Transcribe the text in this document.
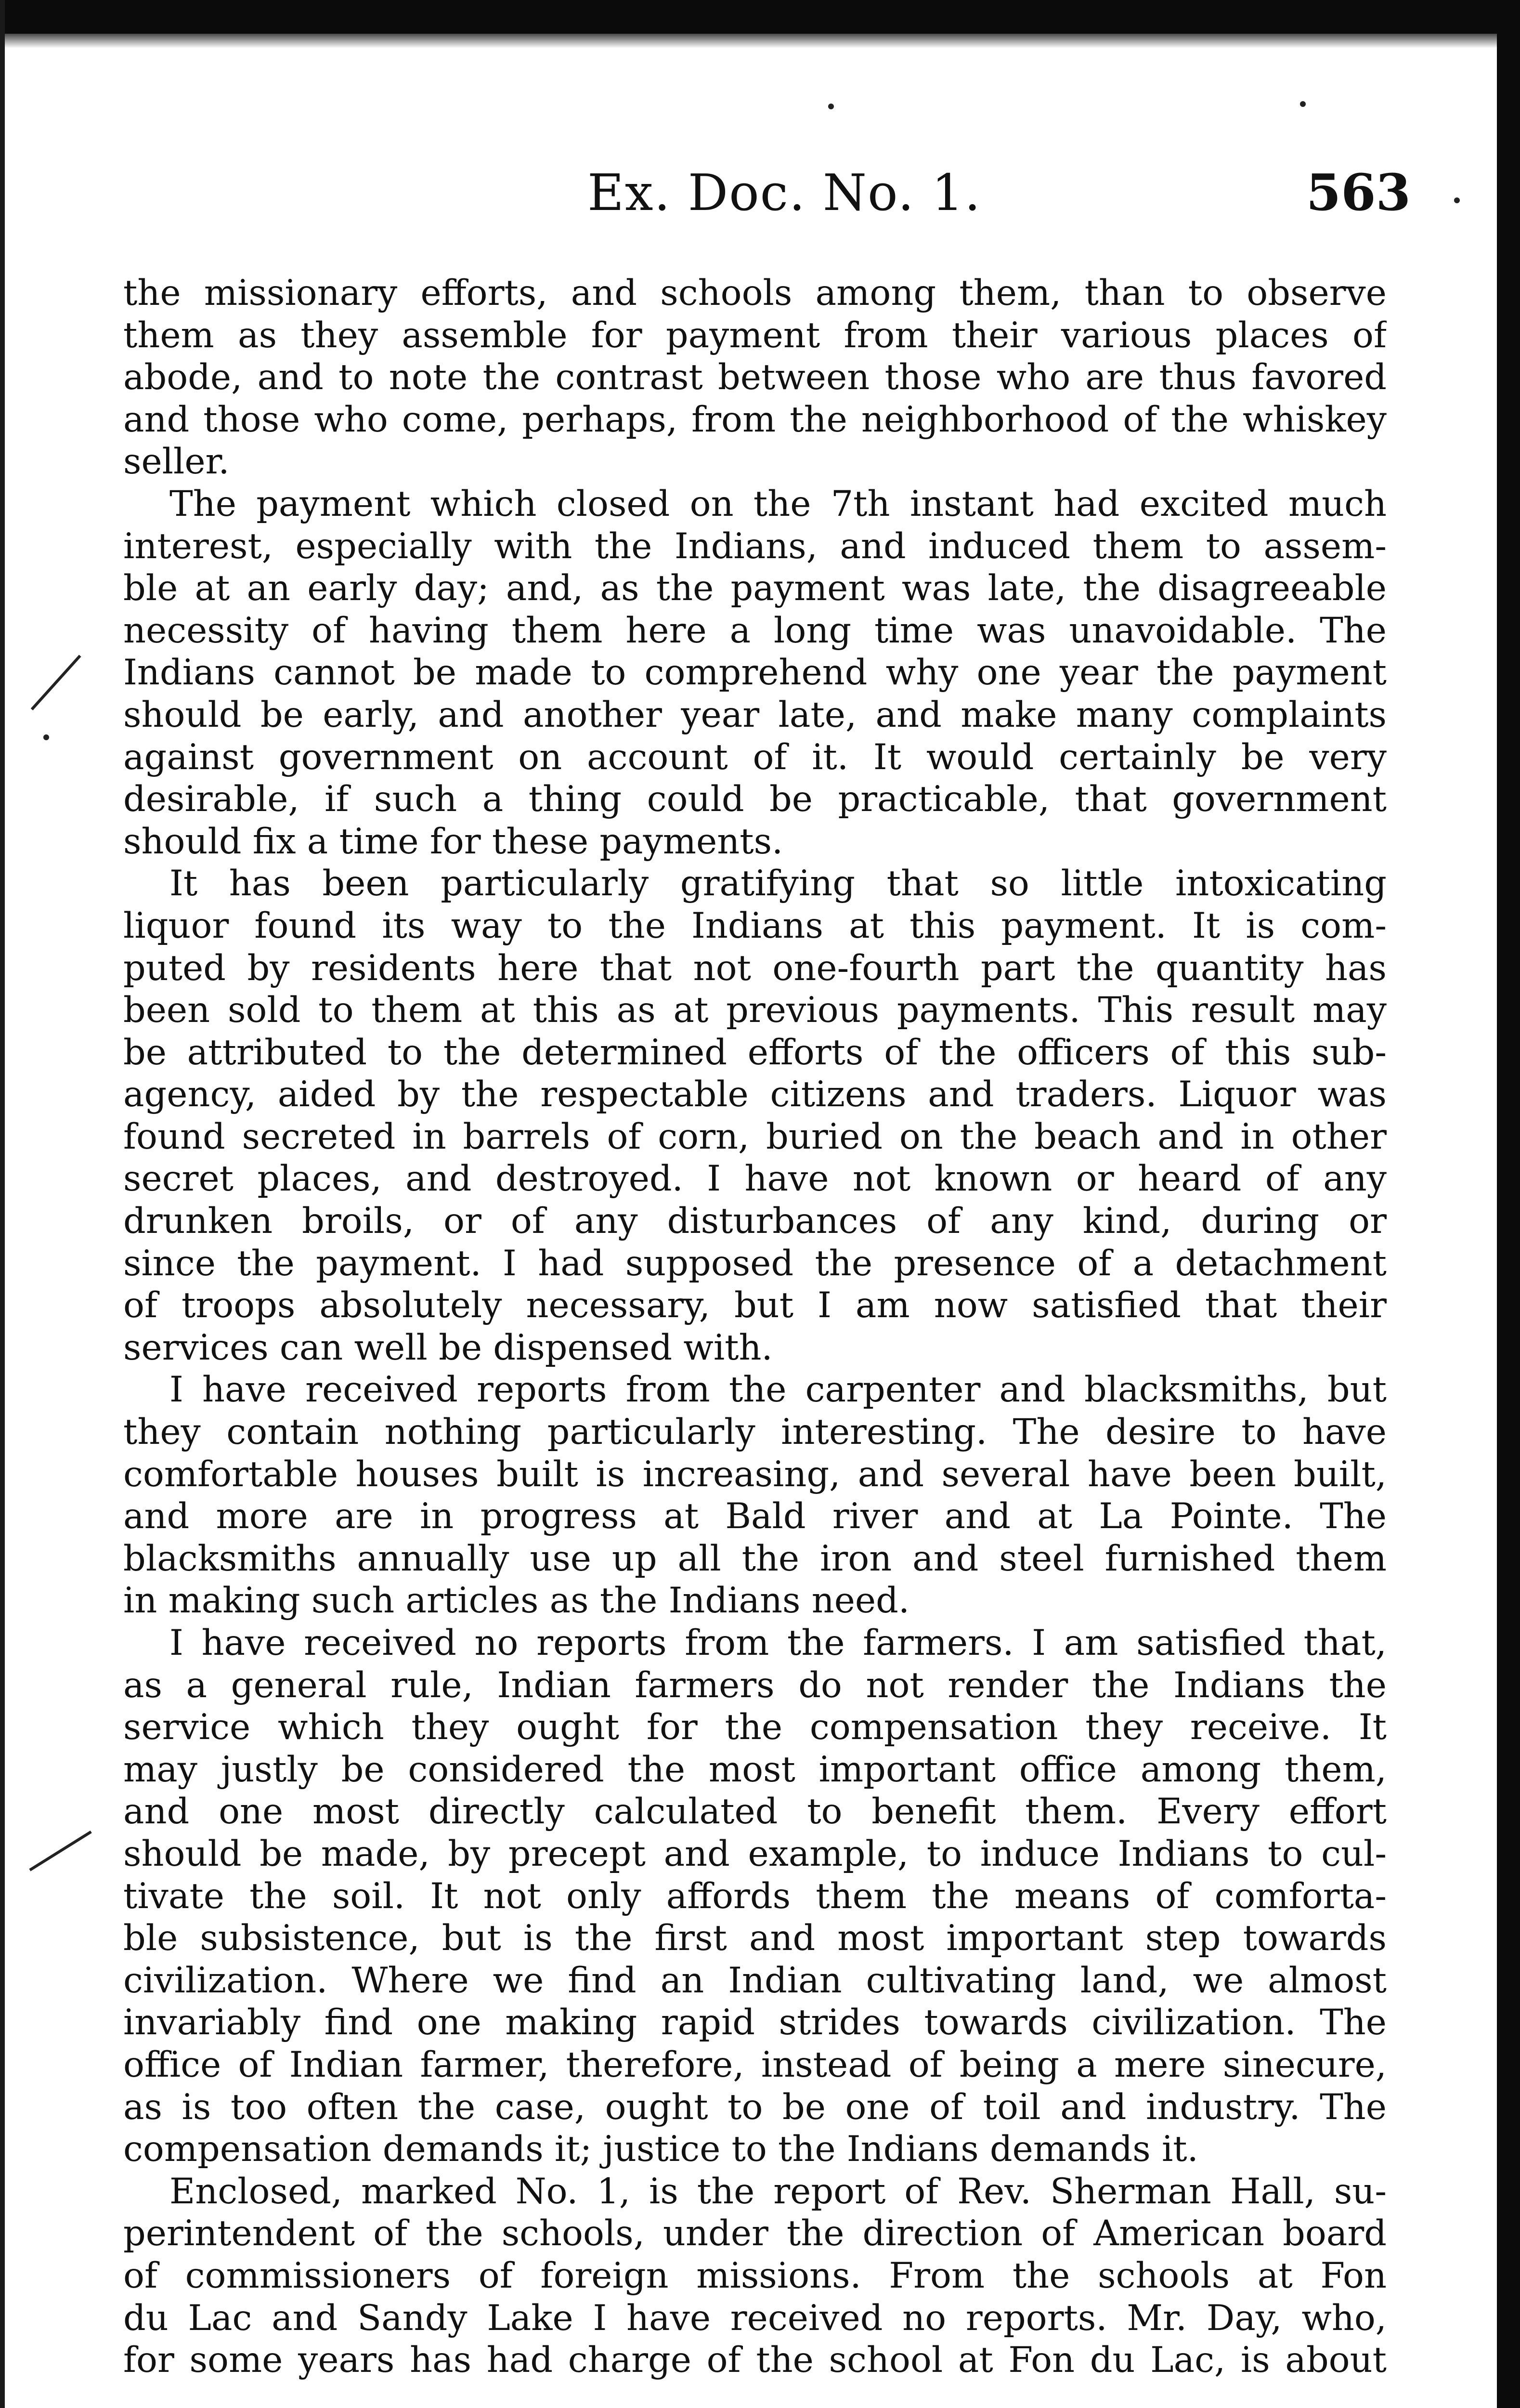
Ex. Doc. No. 1.	563
the missionary efforts, and schools among them, than to observe
them as they assemble for payment from their various places of
abode, and to note the contrast between those who are thus favored
and those who come, perhaps, from the neighborhood of the whiskey
seller.
The payment which closed on the 7th instant had excited much
interest, especially with the Indians, and induced them to assem-
ble at an early day; and, as the payment was late, the disagreeable
necessity of having them here a long time was unavoidable. The
Indians cannot be made to comprehend why one year the payment
should be early, and another year late, and make many complaints
against government on account of it. It would certainly be very
desirable, if such a thing could be practicable, that government
should fix a time for these payments.
It has been particularly gratifying that so little intoxicating
liquor found its way to the Indians at this payment. It is com-
puted by residents here that not one-fourth part the quantity has
been sold to them at this as at previous payments. This result may
be attributed to the determined efforts of the officers of this sub-
agency, aided by the respectable citizens and traders. Liquor was
found secreted in barrels of corn, buried on the beach and in other
secret places, and destroyed. I have not known or heard of any
drunken broils, or of any disturbances of any kind, during or
since the payment. I had supposed the presence of a detachment
of troops absolutely necessary, but I am now satisfied that their
services can well be dispensed with.
I have received reports from the carpenter and blacksmiths, but
they contain nothing particularly interesting. The desire to have
comfortable houses built is increasing, and several have been built,
and more are in progress at Bald river and at La Pointe. The
blacksmiths annually use up all the iron and steel furnished them
in making such articles as the Indians need.
I have received no reports from the farmers. I am satisfied that,
as a general rule, Indian farmers do not render the Indians the
service which they ought for the compensation they receive. It
may justly be considered the most important office among them,
and one most directly calculated to benefit them. Every effort
should be made, by precept and example, to induce Indians to cul-
tivate the soil. It not only affords them the means of comforta-
ble subsistence, but is the first and most important step towards
civilization. Where we find an Indian cultivating land, we almost
invariably find one making rapid strides towards civilization. The
office of Indian farmer, therefore, instead of being a mere sinecure,
as is too often the case, ought to be one of toil and industry. The
compensation demands it; justice to the Indians demands it.
Enclosed, marked No. 1, is the report of Rev. Sherman Hall, su-
perintendent of the schools, under the direction of American board
of commissioners of foreign missions. From the schools at Fon
du Lac and Sandy Lake I have received no reports. Mr. Day, who,
for some years has had charge of the school at Fon du Lac, is about
